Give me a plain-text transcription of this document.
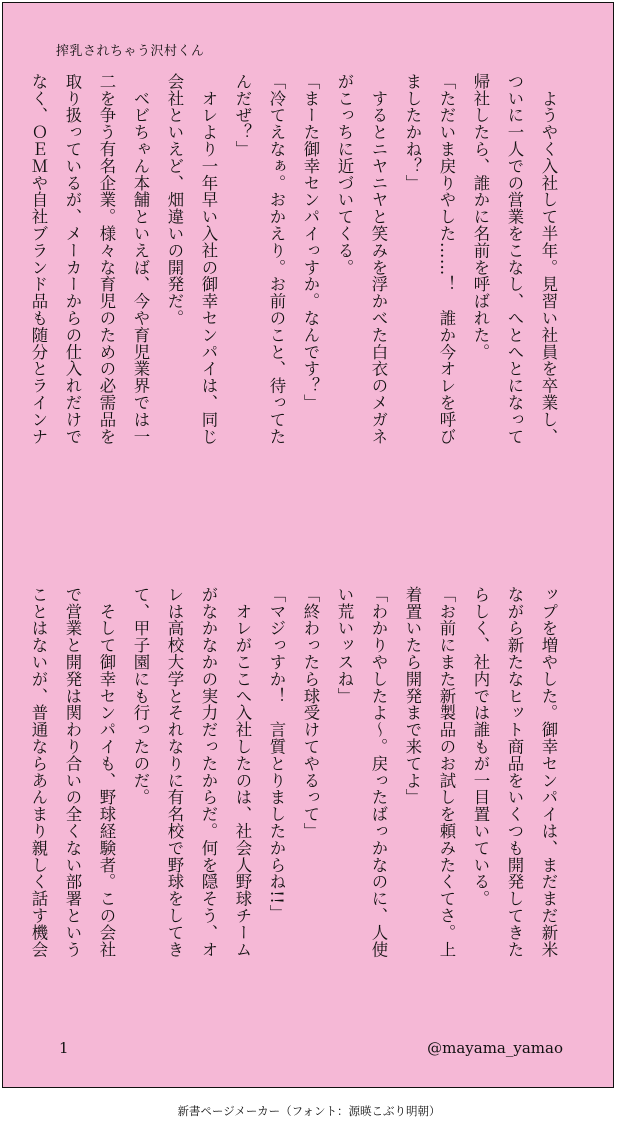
搾乳されちゃう沢村くん
　ようやく入社して半年。見習い社員を卒業し、
ついに一人での営業をこなし、へとへとになって
帰社したら、誰かに名前を呼ばれた。
「ただいま戻りやした……！　誰か今オレを呼び
ましたかね？」
　するとニヤニヤと笑みを浮かべた白衣のメガネ
がこっちに近づいてくる。
「まーた御幸センパイっすか。なんです？」
「冷てえなぁ。おかえり。お前のこと、待ってた
んだぜ？」
　オレより一年早い入社の御幸センパイは、同じ
会社といえど、畑違いの開発だ。
　ベビちゃん本舗といえば、今や育児業界では一
二を争う有名企業。様々な育児のための必需品を
取り扱っているが、メーカーからの仕入れだけで
なく、ＯＥＭや自社ブランド品も随分とラインナ
ップを増やした。御幸センパイは、まだまだ新米
ながら新たなヒット商品をいくつも開発してきた
らしく、社内では誰もが一目置いている。
「お前にまた新製品のお試しを頼みたくてさ。上
着置いたら開発まで来てよ」
「わかりやしたよ～。戻ったばっかなのに、人使
い荒いッスね」
「終わったら球受けてやるって」
「マジっすか！　言質とりましたからね!!」
　オレがここへ入社したのは、社会人野球チーム
がなかなかの実力だったからだ。何を隠そう、オ
レは高校大学とそれなりに有名校で野球をしてき
て、甲子園にも行ったのだ。
　そして御幸センパイも、野球経験者。この会社
で営業と開発は関わり合いの全くない部署という
ことはないが、普通ならあんまり親しく話す機会
1	@mayama_yamao
新書ページメーカー（フォント：源暎こぶり明朝）
